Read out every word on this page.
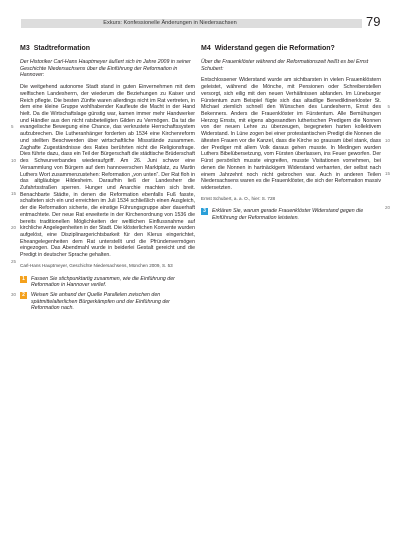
Exkurs: Konfessionelle Änderungen in Niedersachsen	79
M3 Stadtreformation

Der Historiker Carl-Hans Hauptmeyer äußert sich im Jahre 2009 in seiner Geschichte Niedersachsens über die Einführung der Reformation in Hannover:

5
10
15
20
25
30
Die weitgehend autonome Stadt stand in guten Einvernehmen mit dem welfischen Landesherrn, der wiederum die Beziehungen zu Kaiser und Reich pflegte. Die besten Zünfte waren allerdings nicht im Rat vertreten, in dem eine kleine Gruppe wohlhabender Kaufleute die Macht in der Hand hielt. Da die Wirtschaftslage günstig war, kamen immer mehr Handwerker und Händler aus den nicht ratsbeteiligten Gilden zu Vermögen. Da tat die evangelische Bewegung eine Chance, das verkrustete Herrschaftssystem aufzubrechen. Die Lutheranhänger forderten ab 1534 eine Kirchenreform und stellten Beschwerden über wirtschaftliche Missstände zusammen. Zaghafte Zugeständnisse des Rates berührten nicht die Religionsfrage. Dies führte dazu, dass ein Teil der Bürgerschaft die städtische Brüderschaft des Schwurverbandes wiederaufgriff. Am 26. Juni schwor eine Versammlung von Bürgern auf dem hannoverschen Marktplatz, zu Martin Luthers Wort zusammenzustehen: Reformation „von unten“. Der Rat floh in das altgläubige Hildesheim. Daraufhin ließ der Landesherr die Zufahrtsstraßen sperren. Hunger und Anarchie machten sich breit. Benachbarte Städte, in denen die Reformation ebenfalls Fuß fasste, schalteten sich ein und erreichten im Juli 1534 schließlich einen Ausgleich, der die Reformation sicherte, die einstige Führungsgruppe aber dauerhaft entmachtete. Der neue Rat erweiterte in der Kirchenordnung von 1536 die bereits traditionellen Möglichkeiten der weltlichen Einflussnahme auf kirchliche Angelegenheiten in der Stadt. Die klösterlichen Konvente wurden aufgelöst, eine Disziplinargerichtsbarkeit für den Klerus eingerichtet, Eheangelegenheiten dem Rat unterstellt und die Pfründenvermögen eingezogen. Das Abendmahl wurde in beiderlei Gestalt gereicht und die Predigt in deutscher Sprache gehalten.

Carl-Hans Hauptmeyer, Geschichte Niedersachsens, München 2009, S. 53
1	Fassen Sie stichpunktartig zusammen, wie die Einführung der Reformation in Hannover verlief.
2	Weisen Sie anhand der Quelle Parallelen zwischen den spätmittelalterlichen Bürgerkämpfen und der Einführung der Reformation nach.
M4 Widerstand gegen die Reformation?

Über die Frauenklöster während der Reformationszeit heißt es bei Ernst Schubert:

5
10
15
20
Entschlossener Widerstand wurde am sichtbarsten in vielen Frauenklöstern geleistet, während die Mönche, mit Pensionen oder Schreiberstellen versorgt, sich eilig mit den neuen Verhältnissen abfanden. Im Lüneburger Fürstentum zum Beispiel fügte sich das altadlige Benediktinerkloster St. Michael ziemlich schnell den Wünschen des Landesherrn, Ernst des Bekenners. Anders die Frauenklöster im Fürstentum. Alle Bemühungen Herzog Ernsts, mit eigens abgesandten lutherischen Predigern die Nonnen von der neuen Lehre zu überzeugen, begegneten harten kollektivem Widerstand. In Lüne zogen bei einer protestantischen Predigt die Nonnen die ältesten Frauen vor die Kanzel, dass die Kirche so grausam übel stank, dass der Prediger mit allem Volk daraus gehen musste. In Medingen wurden Luthers Bibelübersetzung, vom Fürsten überlassen, ins Feuer geworfen. Der Fürst persönlich musste eingreifen, musste Visitationen vornehmen, bei denen die Nonnen in hartnäckigem Widerstand verharrten, der selbst nach einem Jahrzehnt noch nicht gebrochen war. Auch in anderen Teilen Niedersachsens waren es die Frauenklöster, die sich der Reformation massiv widersetzten.

Ernst Schubert, a. a. O., hier: S. 728
3	Erklären Sie, warum gerade Frauenklöster Widerstand gegen die Einführung der Reformation leisteten.
